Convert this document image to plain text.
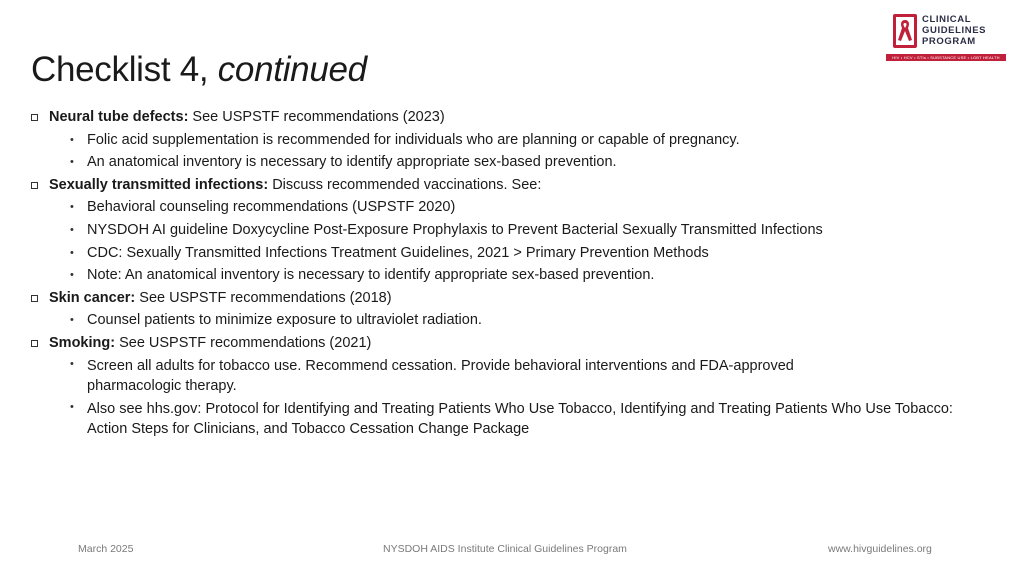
Checklist 4, continued
CLINICAL
GUIDELINES
PROGRAM
HIV • HCV • STIs • SUBSTANCE USE • LGBT HEALTH
Neural tube defects: See USPSTF recommendations (2023)
• Folic acid supplementation is recommended for individuals who are planning or capable of pregnancy.
• An anatomical inventory is necessary to identify appropriate sex-based prevention.
Sexually transmitted infections: Discuss recommended vaccinations. See:
• Behavioral counseling recommendations (USPSTF 2020)
• NYSDOH AI guideline Doxycycline Post-Exposure Prophylaxis to Prevent Bacterial Sexually Transmitted Infections
• CDC: Sexually Transmitted Infections Treatment Guidelines, 2021 > Primary Prevention Methods
• Note: An anatomical inventory is necessary to identify appropriate sex-based prevention.
Skin cancer: See USPSTF recommendations (2018)
• Counsel patients to minimize exposure to ultraviolet radiation.
Smoking: See USPSTF recommendations (2021)
• Screen all adults for tobacco use. Recommend cessation. Provide behavioral interventions and FDA-approved pharmacologic therapy.
• Also see hhs.gov: Protocol for Identifying and Treating Patients Who Use Tobacco, Identifying and Treating Patients Who Use Tobacco: Action Steps for Clinicians, and Tobacco Cessation Change Package
March 2025	NYSDOH AIDS Institute Clinical Guidelines Program	www.hivguidelines.org
